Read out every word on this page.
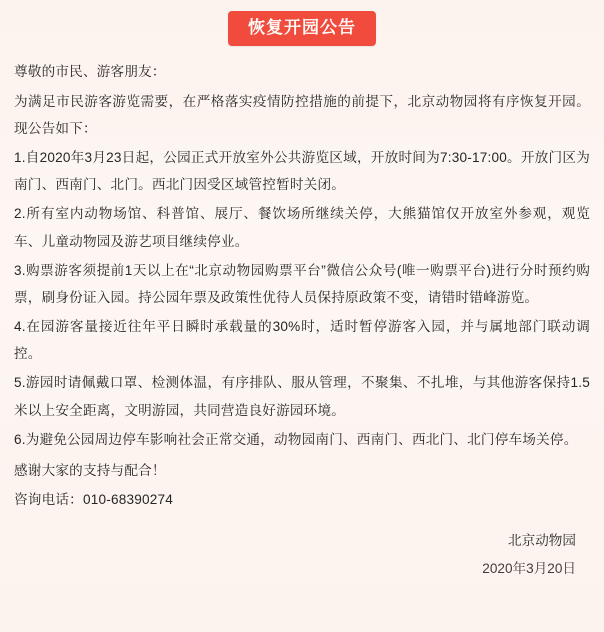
恢复开园公告

尊敬的市民、游客朋友：

为满足市民游客游览需要，在严格落实疫情防控措施的前提下，北京动物园将有序恢复开园。现公告如下：

1.自2020年3月23日起，公园正式开放室外公共游览区域，开放时间为7:30-17:00。开放门区为南门、西南门、北门。西北门因受区域管控暂时关闭。

2.所有室内动物场馆、科普馆、展厅、餐饮场所继续关停，大熊猫馆仅开放室外参观，观览车、儿童动物园及游艺项目继续停业。

3.购票游客须提前1天以上在“北京动物园购票平台”微信公众号(唯一购票平台)进行分时预约购票，刷身份证入园。持公园年票及政策性优待人员保持原政策不变，请错时错峰游览。

4.在园游客量接近往年平日瞬时承载量的30%时，适时暂停游客入园，并与属地部门联动调控。

5.游园时请佩戴口罩、检测体温，有序排队、服从管理，不聚集、不扎堆，与其他游客保持1.5米以上安全距离，文明游园，共同营造良好游园环境。

6.为避免公园周边停车影响社会正常交通，动物园南门、西南门、西北门、北门停车场关停。

感谢大家的支持与配合！

咨询电话：010-68390274

北京动物园
2020年3月20日
